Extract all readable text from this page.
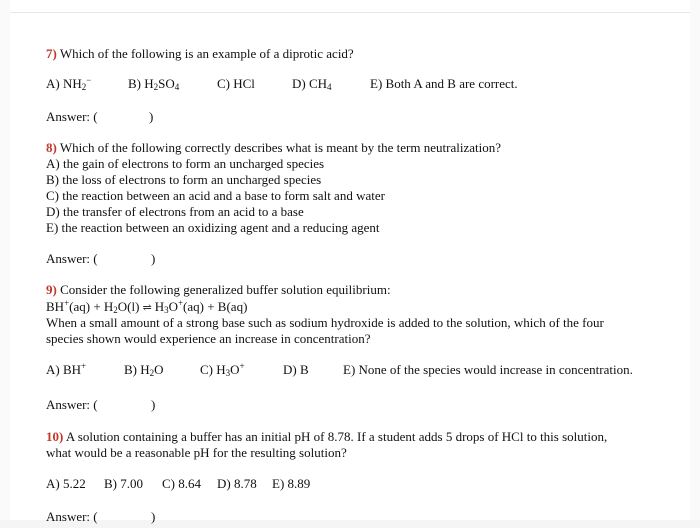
7) Which of the following is an example of a diprotic acid?
A) $NH_2^-$	B) $H_2SO_4$	C) HCl	D) $CH_4$	E) Both A and B are correct.
Answer: (	)
8) Which of the following correctly describes what is meant by the term neutralization?
A) the gain of electrons to form an uncharged species
B) the loss of electrons to form an uncharged species
C) the reaction between an acid and a base to form salt and water
D) the transfer of electrons from an acid to a base
E) the reaction between an oxidizing agent and a reducing agent
Answer: (	)
9) Consider the following generalized buffer solution equilibrium:
$BH^+(aq) + H_2O(l)$ ⇌ $H_3O^+(aq) + B(aq)$
When a small amount of a strong base such as sodium hydroxide is added to the solution, which of the four
species shown would experience an increase in concentration?
A) BH+	B) $H_2O$	C) $H_3O^+$	D) B	E) None of the species would increase in concentration.
Answer: (	)
10) A solution containing a buffer has an initial pH of 8.78. If a student adds 5 drops of HCl to this solution,
what would be a reasonable pH for the resulting solution?
A) 5.22 B) 7.00 C) 8.64 D) 8.78 E) 8.89
Answer: (	)
